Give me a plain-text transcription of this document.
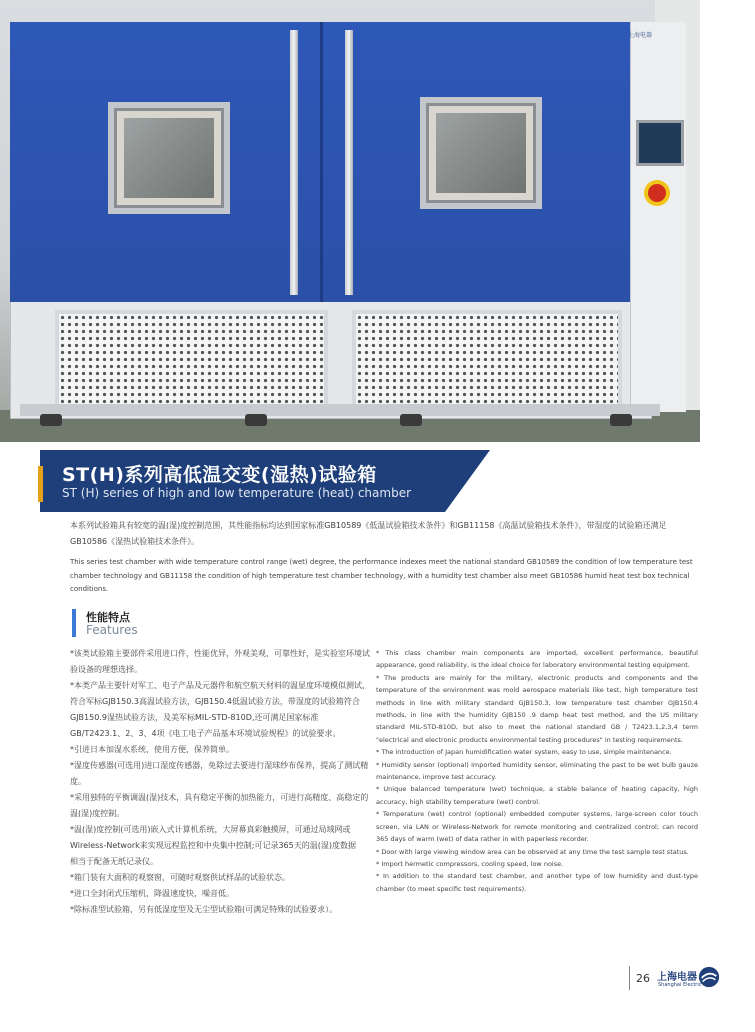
上海电器
ST(H)系列高低温交变(湿热)试验箱
ST (H) series of high and low temperature (heat) chamber
本系列试验箱具有较宽的温(湿)度控制范围，其性能指标均达到国家标准GB10589《低温试验箱技术条件》和GB11158《高温试验箱技术条件》，带湿度的试验箱还满足GB10586《湿热试验箱技术条件》。
This series test chamber with wide temperature control range (wet) degree, the performance indexes meet the national standard GB10589 the condition of low temperature test chamber technology and GB11158 the condition of high temperature test chamber technology, with a humidity test chamber also meet GB10586 humid heat test box technical conditions.
性能特点
Features

*该类试验箱主要部件采用进口件，性能优异，外观美观，可靠性好，是实验室环境试验设备的理想选择。

*本类产品主要针对军工、电子产品及元器件和航空航天材料的温显度环境模似测试，符合军标GJB150.3高温试验方法，GJB150.4低温试验方法，带湿度的试验箱符合GJB150.9湿热试验方法，及美军标MIL-STD-810D,还可满足国家标准GB/T2423.1、2、3、4项《电工电子产品基本环境试验规程》的试验要求。

*引进日本加湿水系统，使用方便，保养简单。

*湿度传感器(可选用)进口湿度传感器，免除过去要进行湿球纱布保养，提高了测试精度。

*采用独特的平衡调温(湿)技术，具有稳定平衡的加热能力，可进行高精度、高稳定的温(湿)度控制。

*温(湿)度控制(可选用)嵌入式计算机系统，大屏幕真彩触摸屏，可通过局域网或Wireless-Network来实现远程监控和中央集中控制;可记录365天的温(湿)度数据　相当于配备无纸记录仪。

*箱门装有大面积的观察窗，可随时观察供试样品的试验状态。

*进口全封闭式压缩机，降温速度快，噪音低。

*除标准型试验箱，另有低湿度型及无尘型试验箱(可满足特殊的试验要求）。

* This class chamber main components are imported, excellent performance, beautiful appearance, good reliability, is the ideal choice for laboratory environmental testing equipment.

* The products are mainly for the military, electronic products and components and the temperature of the environment was mold aerospace materials like test, high temperature test methods in line with military standard GJB150.3, low temperature test chamber GJB150.4 methods, in line with the humidity GJB150 .9 damp heat test method, and the US military standard MIL-STD-810D, but also to meet the national standard GB / T2423.1,2,3,4 term "electrical and electronic products environmental testing procedures" in testing requirements.

* The introduction of Japan humidification water system, easy to use, simple maintenance.

* Humidity sensor (optional) imported humidity sensor, eliminating the past to be wet bulb gauze maintenance, improve test accuracy.

* Unique balanced temperature (wet) technique, a stable balance of heating capacity, high accuracy, high stability temperature (wet) control.

* Temperature (wet) control (optional) embedded computer systems, large-screen color touch screen, via LAN or Wireless-Network for remote monitoring and centralized control; can record 365 days of warm (wet) of data rather in with paperless recorder.

* Door with large viewing window area can be observed at any time the test sample test status.

* Import hermetic compressors, cooling speed, low noise.

* In addition to the standard test chamber, and another type of low humidity and dust-type chamber (to meet specific test requirements).

26 上海电器
Shanghai Electric
